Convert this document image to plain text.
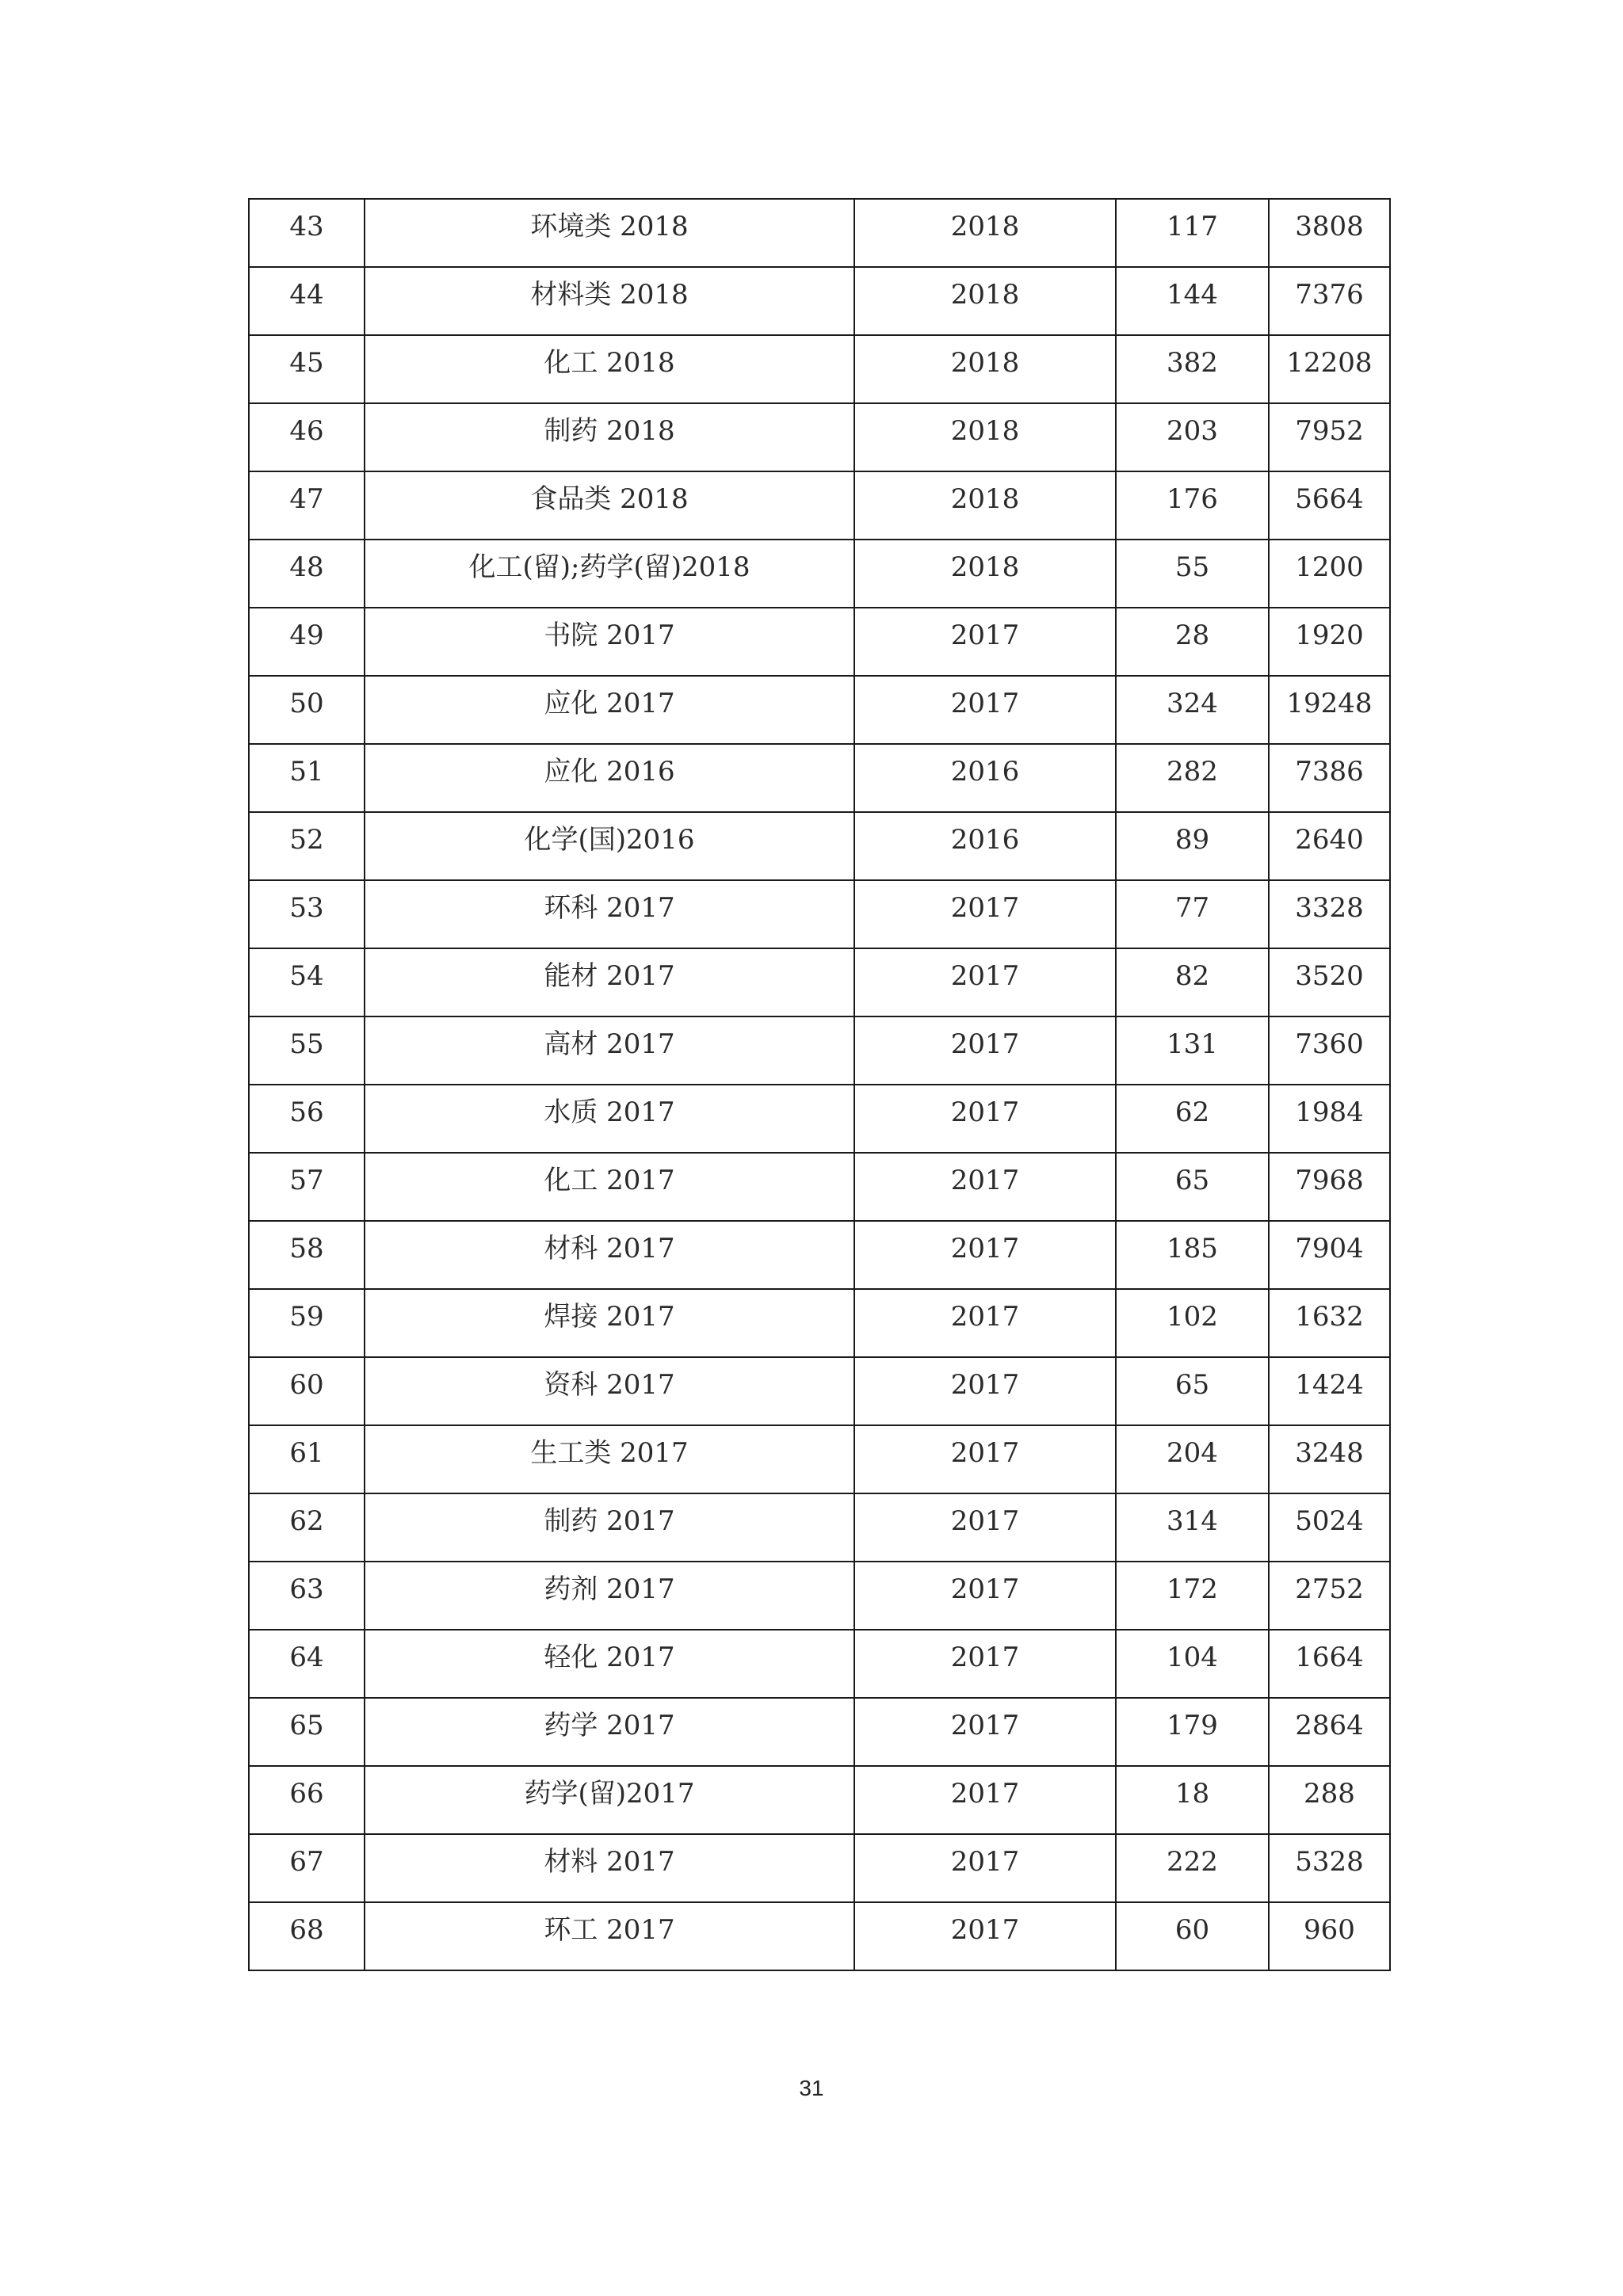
43	环境类 2018	2018	117	3808
44	材料类 2018	2018	144	7376
45	化工 2018	2018	382	12208
46	制药 2018	2018	203	7952
47	食品类 2018	2018	176	5664
48	化工(留);药学(留)2018	2018	55	1200
49	书院 2017	2017	28	1920
50	应化 2017	2017	324	19248
51	应化 2016	2016	282	7386
52	化学(国)2016	2016	89	2640
53	环科 2017	2017	77	3328
54	能材 2017	2017	82	3520
55	高材 2017	2017	131	7360
56	水质 2017	2017	62	1984
57	化工 2017	2017	65	7968
58	材科 2017	2017	185	7904
59	焊接 2017	2017	102	1632
60	资科 2017	2017	65	1424
61	生工类 2017	2017	204	3248
62	制药 2017	2017	314	5024
63	药剂 2017	2017	172	2752
64	轻化 2017	2017	104	1664
65	药学 2017	2017	179	2864
66	药学(留)2017	2017	18	288
67	材料 2017	2017	222	5328
68	环工 2017	2017	60	960
31
